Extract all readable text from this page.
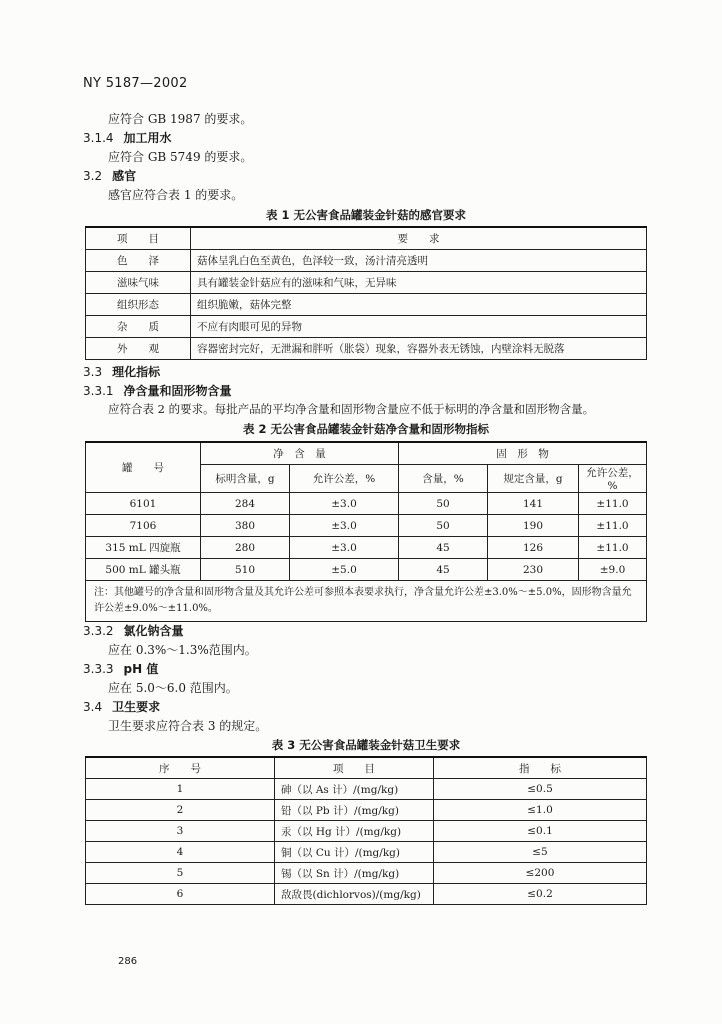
NY 5187—2002
应符合 GB 1987 的要求。
3.1.4 加工用水
应符合 GB 5749 的要求。
3.2 感官
感官应符合表 1 的要求。
表 1 无公害食品罐装金针菇的感官要求
项　　目	要　　求
色　　泽	菇体呈乳白色至黄色，色泽较一致，汤汁清亮透明
滋味气味	具有罐装金针菇应有的滋味和气味，无异味
组织形态	组织脆嫩，菇体完整
杂　　质	不应有肉眼可见的异物
外　　观	容器密封完好，无泄漏和胖听（胀袋）现象，容器外表无锈蚀，内壁涂料无脱落
3.3 理化指标
3.3.1 净含量和固形物含量
应符合表 2 的要求。每批产品的平均净含量和固形物含量应不低于标明的净含量和固形物含量。
表 2 无公害食品罐装金针菇净含量和固形物指标
罐　　号	净　含　量		固　形　物		
	标明含量，g	允许公差，%	含量，%	规定含量，g	允许公差，%
6101	284	±3.0	50	141	±11.0
7106	380	±3.0	50	190	±11.0
315 mL 四旋瓶	280	±3.0	45	126	±11.0
500 mL 罐头瓶	510	±5.0	45	230	±9.0
注：其他罐号的净含量和固形物含量及其允许公差可参照本表要求执行，净含量允许公差±3.0%～±5.0%，固形物含量允许公差±9.0%～±11.0%。					
3.3.2 氯化钠含量
应在 0.3%～1.3%范围内。
3.3.3 pH 值
应在 5.0～6.0 范围内。
3.4 卫生要求
卫生要求应符合表 3 的规定。
表 3 无公害食品罐装金针菇卫生要求
序　　号	项　　目	指　　标
1	砷（以 As 计）/(mg/kg)	≤0.5
2	铅（以 Pb 计）/(mg/kg)	≤1.0
3	汞（以 Hg 计）/(mg/kg)	≤0.1
4	铜（以 Cu 计）/(mg/kg)	≤5
5	锡（以 Sn 计）/(mg/kg)	≤200
6	敌敌畏(dichlorvos)/(mg/kg)	≤0.2
286
